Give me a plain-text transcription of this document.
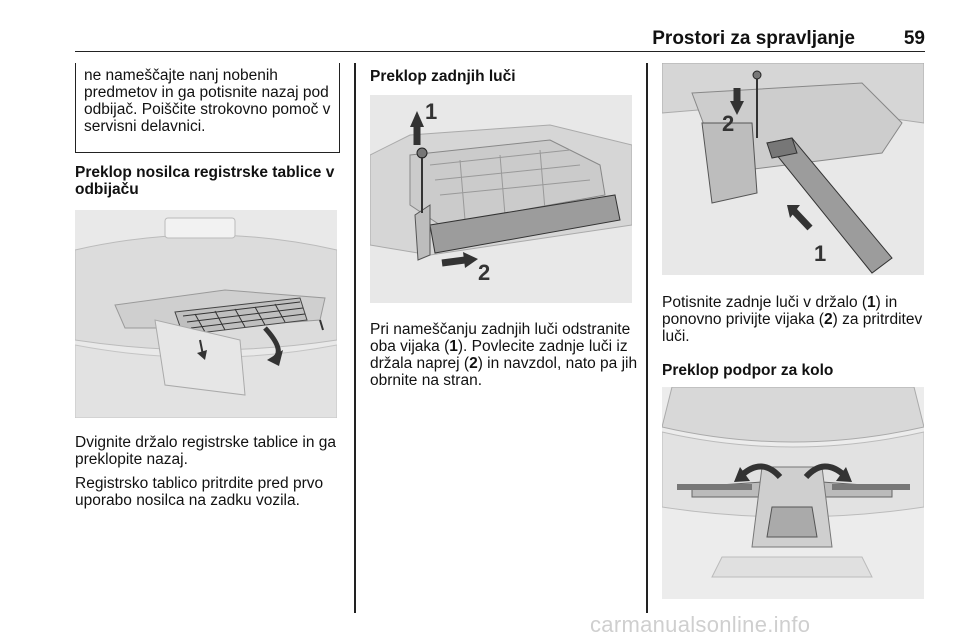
Prostori za spravljanje	59
ne nameščajte nanj nobenih predmetov in ga potisnite nazaj pod odbijač. Poiščite strokovno pomoč v servisni delavnici.
Preklop nosilca registrske tablice v odbijaču
Dvignite držalo registrske tablice in ga preklopite nazaj.
Registrsko tablico pritrdite pred prvo uporabo nosilca na zadku vozila.
Preklop zadnjih luči
1
2
Pri nameščanju zadnjih luči odstranite oba vijaka (1). Povlecite zadnje luči iz držala naprej (2) in navzdol, nato pa jih obrnite na stran.
2
1
Potisnite zadnje luči v držalo (1) in ponovno privijte vijaka (2) za pritrditev luči.
Preklop podpor za kolo
carmanualsonline.info
